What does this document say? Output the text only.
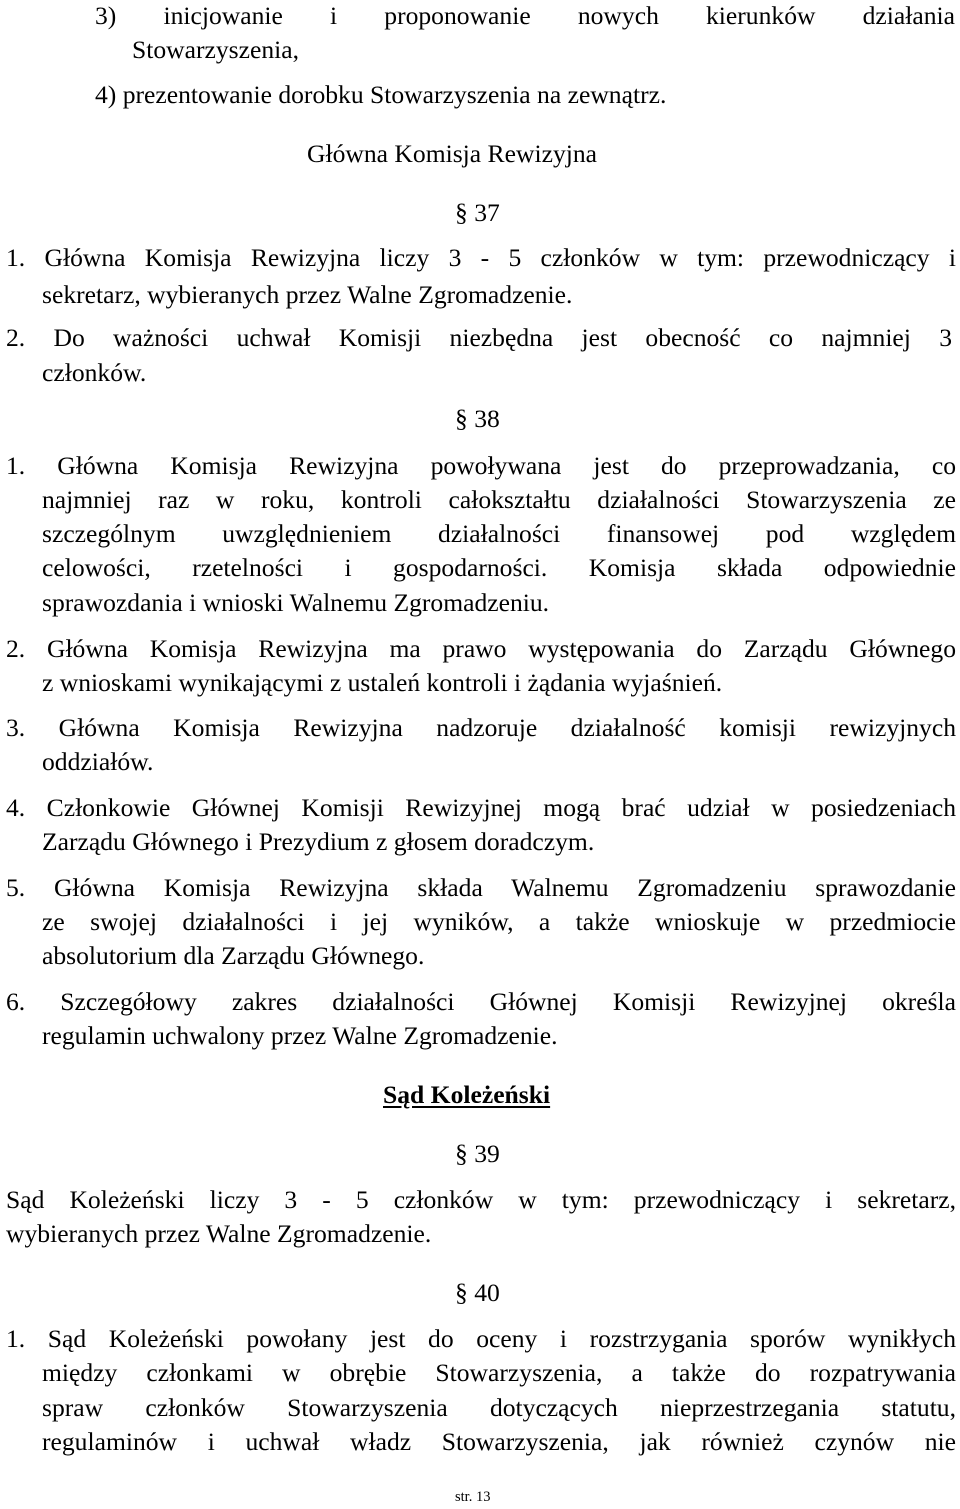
3) inicjowanie i proponowanie nowych kierunków działania
Stowarzyszenia,
4) prezentowanie dorobku Stowarzyszenia na zewnątrz.
Główna Komisja Rewizyjna
§ 37
1. Główna Komisja Rewizyjna liczy 3 - 5 członków w tym: przewodniczący i
sekretarz, wybieranych przez Walne Zgromadzenie.
2. Do ważności uchwał Komisji niezbędna jest obecność co najmniej 3
członków.
§ 38
1. Główna Komisja Rewizyjna powoływana jest do przeprowadzania, co
najmniej raz w roku, kontroli całokształtu działalności Stowarzyszenia ze
szczególnym uwzględnieniem działalności finansowej pod względem
celowości, rzetelności i gospodarności. Komisja składa odpowiednie
sprawozdania i wnioski Walnemu Zgromadzeniu.
2. Główna Komisja Rewizyjna ma prawo występowania do Zarządu Głównego
z wnioskami wynikającymi z ustaleń kontroli i żądania wyjaśnień.
3. Główna Komisja Rewizyjna nadzoruje działalność komisji rewizyjnych
oddziałów.
4. Członkowie Głównej Komisji Rewizyjnej mogą brać udział w posiedzeniach
Zarządu Głównego i Prezydium z głosem doradczym.
5. Główna Komisja Rewizyjna składa Walnemu Zgromadzeniu sprawozdanie
ze swojej działalności i jej wyników, a także wnioskuje w przedmiocie
absolutorium dla Zarządu Głównego.
6. Szczegółowy zakres działalności Głównej Komisji Rewizyjnej określa
regulamin uchwalony przez Walne Zgromadzenie.
Sąd Koleżeński
§ 39
Sąd Koleżeński liczy 3 - 5 członków w tym: przewodniczący i sekretarz,
wybieranych przez Walne Zgromadzenie.
§ 40
1. Sąd Koleżeński powołany jest do oceny i rozstrzygania sporów wynikłych
między członkami w obrębie Stowarzyszenia, a także do rozpatrywania
spraw członków Stowarzyszenia dotyczących nieprzestrzegania statutu,
regulaminów i uchwał władz Stowarzyszenia, jak również czynów nie
str. 13
